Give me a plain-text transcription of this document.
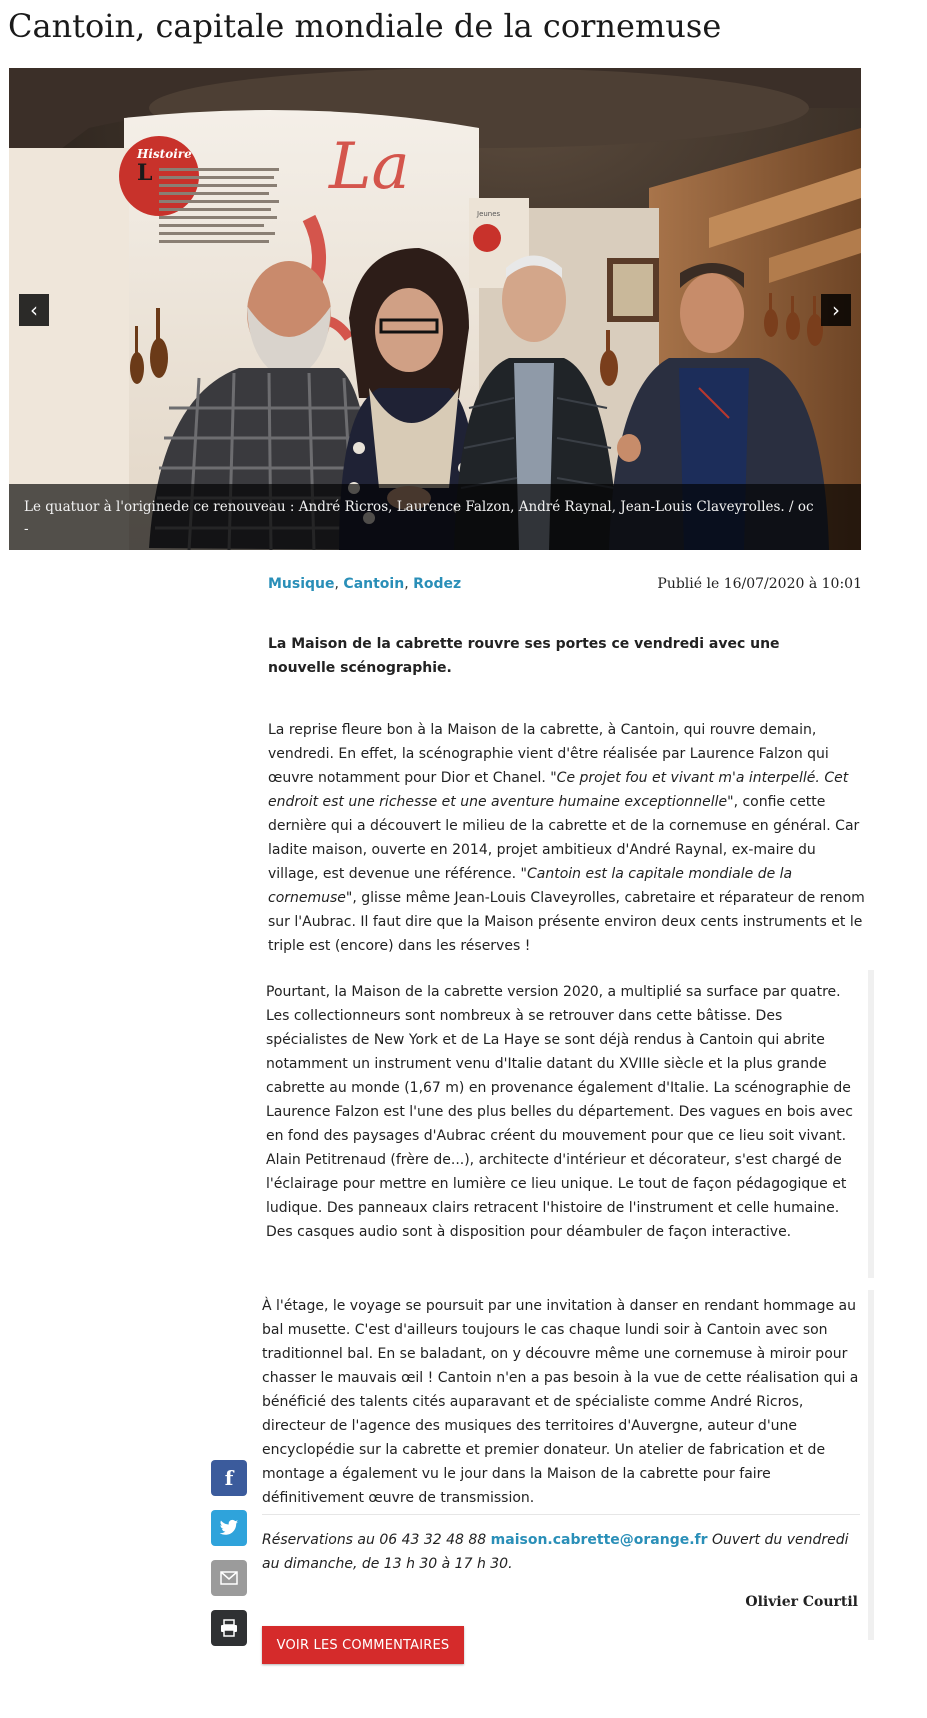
Cantoin, capitale mondiale de la cornemuse
Histoire
L	La
Jeunes
‹	›
Le quatuor à l'originede ce renouveau : André Ricros, Laurence Falzon, André Raynal, Jean-Louis Claveyrolles. / oc
-
Musique, Cantoin, Rodez	Publié le 16/07/2020 à 10:01

La Maison de la cabrette rouvre ses portes ce vendredi avec une nouvelle scénographie.

La reprise fleure bon à la Maison de la cabrette, à Cantoin, qui rouvre demain, vendredi. En effet, la scénographie vient d'être réalisée par Laurence Falzon qui œuvre notamment pour Dior et Chanel. "Ce projet fou et vivant m'a interpellé. Cet endroit est une richesse et une aventure humaine exceptionnelle", confie cette dernière qui a découvert le milieu de la cabrette et de la cornemuse en général. Car ladite maison, ouverte en 2014, projet ambitieux d'André Raynal, ex-maire du village, est devenue une référence. "Cantoin est la capitale mondiale de la cornemuse", glisse même Jean-Louis Claveyrolles, cabretaire et réparateur de renom sur l'Aubrac. Il faut dire que la Maison présente environ deux cents instruments et le triple est (encore) dans les réserves !

Pourtant, la Maison de la cabrette version 2020, a multiplié sa surface par quatre. Les collectionneurs sont nombreux à se retrouver dans cette bâtisse. Des spécialistes de New York et de La Haye se sont déjà rendus à Cantoin qui abrite notamment un instrument venu d'Italie datant du XVIIIe siècle et la plus grande cabrette au monde (1,67 m) en provenance également d'Italie. La scénographie de Laurence Falzon est l'une des plus belles du département. Des vagues en bois avec en fond des paysages d'Aubrac créent du mouvement pour que ce lieu soit vivant. Alain Petitrenaud (frère de...), architecte d'intérieur et décorateur, s'est chargé de l'éclairage pour mettre en lumière ce lieu unique. Le tout de façon pédagogique et ludique. Des panneaux clairs retracent l'histoire de l'instrument et celle humaine. Des casques audio sont à disposition pour déambuler de façon interactive.

À l'étage, le voyage se poursuit par une invitation à danser en rendant hommage au bal musette. C'est d'ailleurs toujours le cas chaque lundi soir à Cantoin avec son traditionnel bal. En se baladant, on y découvre même une cornemuse à miroir pour chasser le mauvais œil ! Cantoin n'en a pas besoin à la vue de cette réalisation qui a bénéficié des talents cités auparavant et de spécialiste comme André Ricros, directeur de l'agence des musiques des territoires d'Auvergne, auteur d'une encyclopédie sur la cabrette et premier donateur. Un atelier de fabrication et de montage a également vu le jour dans la Maison de la cabrette pour faire définitivement œuvre de transmission.

Réservations au 06 43 32 48 88 maison.cabrette@orange.fr Ouvert du vendredi au dimanche, de 13 h 30 à 17 h 30.

Olivier Courtil
f
VOIR LES COMMENTAIRES
